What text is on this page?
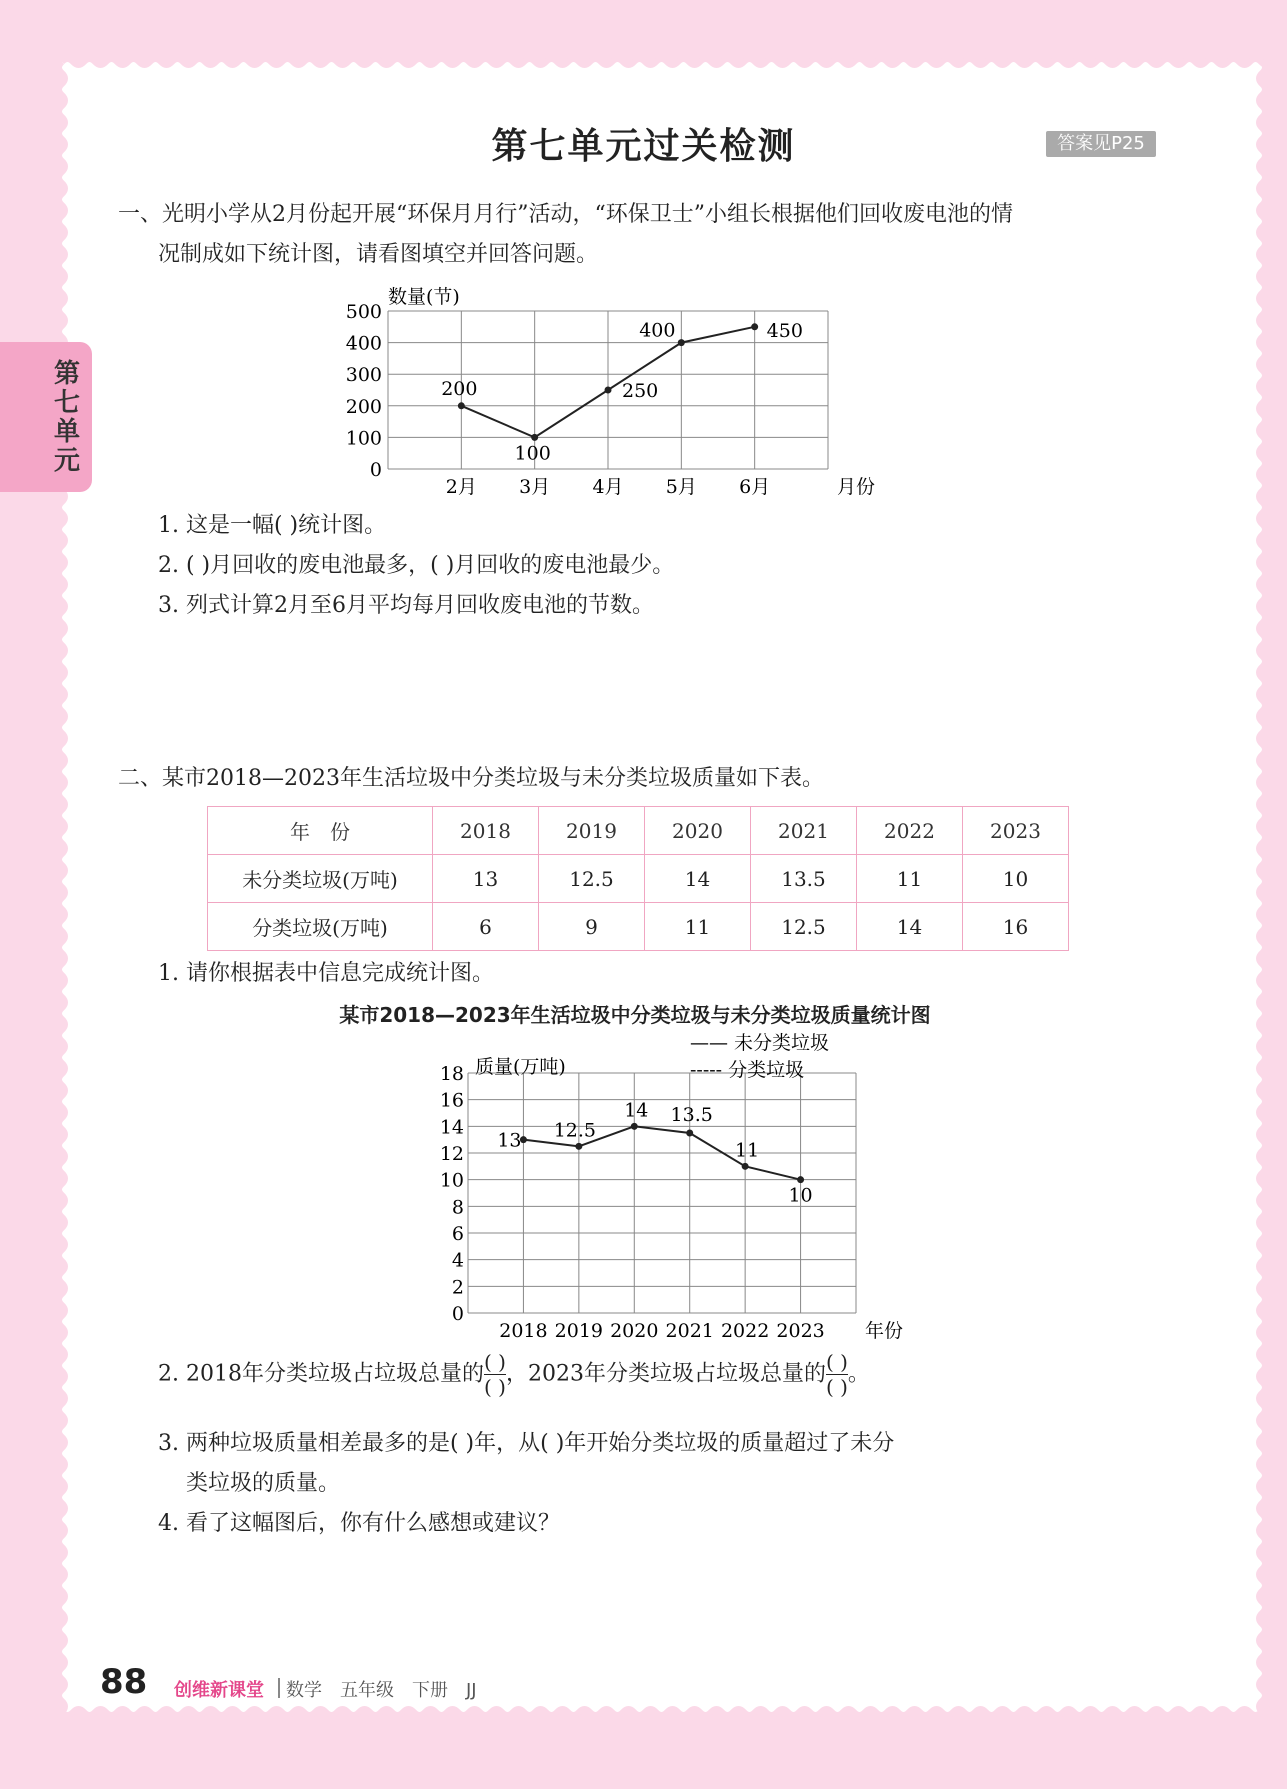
第七单元过关检测	答案见P25
第七单元
一、光明小学从2月份起开展“环保月月行”活动，“环保卫士”小组长根据他们回收废电池的情
况制成如下统计图，请看图填空并回答问题。
0
100
200
300
400
500
数量(节)
200
100
250
400	450
2月 3月 4月 5月 6月	月份
1. 这是一幅( )统计图。
2. ( )月回收的废电池最多，( )月回收的废电池最少。
3. 列式计算2月至6月平均每月回收废电池的节数。
二、某市2018—2023年生活垃圾中分类垃圾与未分类垃圾质量如下表。
年　份	2018	2019	2020	2021	2022	2023
未分类垃圾(万吨)	13	12.5	14	13.5	11	10
分类垃圾(万吨)	6	9	11	12.5	14	16
1. 请你根据表中信息完成统计图。
某市2018—2023年生活垃圾中分类垃圾与未分类垃圾质量统计图
0
2
4
6
8
10
12
14
16
18 质量(万吨)
—— 未分类垃圾
----- 分类垃圾
13 12.5
14 13.5
11
10
2018 2019 2020 2021 2022 2023 年份
2. 2018年分类垃圾占垃圾总量的 $\frac{( )}{( )}$ ，2023年分类垃圾占垃圾总量的 $\frac{( )}{( )}$ 。
3. 两种垃圾质量相差最多的是( )年，从( )年开始分类垃圾的质量超过了未分
类垃圾的质量。
4. 看了这幅图后，你有什么感想或建议？
88 创维新课堂 数学　五年级　下册　JJ
